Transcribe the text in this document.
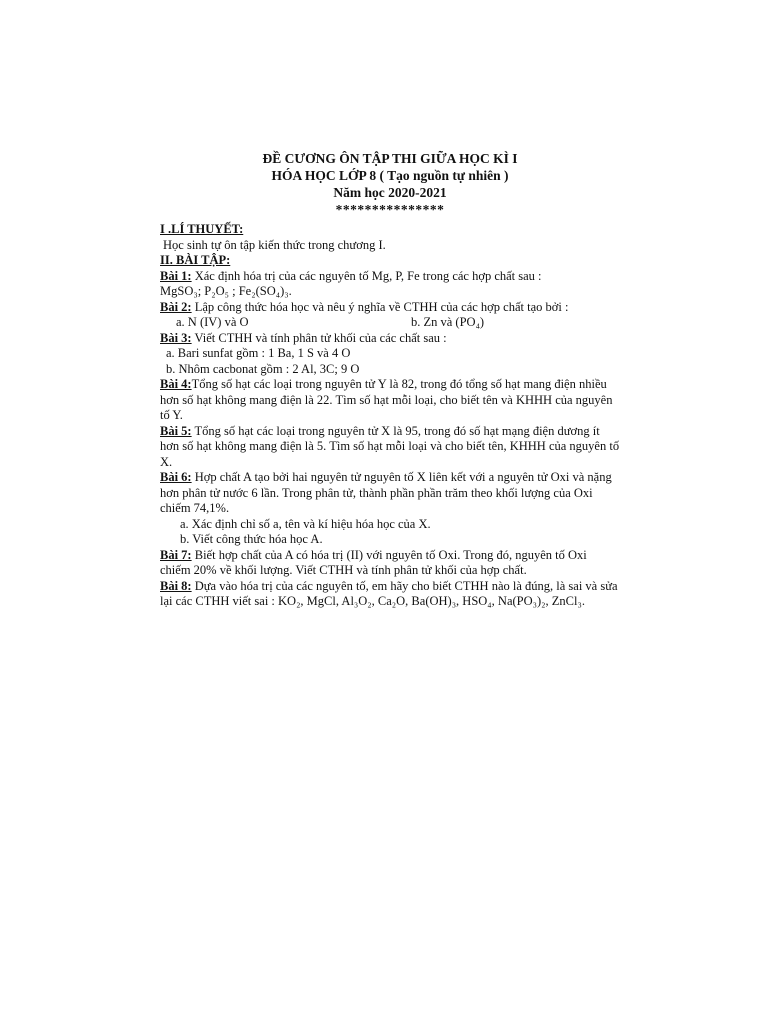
ĐỀ CƯƠNG ÔN TẬP THI GIỮA HỌC KÌ I
HÓA HỌC LỚP 8 ( Tạo nguồn tự nhiên )
Năm học 2020-2021
***************
I .LÍ THUYẾT:
Học sinh tự ôn tập kiến thức trong chương I.
II. BÀI TẬP:
Bài 1: Xác định hóa trị của các nguyên tố Mg, P, Fe trong các hợp chất sau :
MgSO₃; P₂O₅ ; Fe₂(SO₄)₃.
Bài 2: Lập công thức hóa học và nêu ý nghĩa về CTHH của các hợp chất tạo bởi :
a. N (IV) và O	b. Zn và (PO₄)
Bài 3: Viết CTHH và tính phân tử khối của các chất sau :
a. Bari sunfat gồm : 1 Ba, 1 S và 4 O
b. Nhôm cacbonat gồm : 2 Al, 3C; 9 O
Bài 4:Tổng số hạt các loại trong nguyên tử Y là 82, trong đó tổng số hạt mang điện nhiều hơn số hạt không mang điện là 22. Tìm số hạt mỗi loại, cho biết tên và KHHH của nguyên tố Y.
Bài 5: Tổng số hạt các loại trong nguyên tử X là 95, trong đó số hạt mạng điện dương ít hơn số hạt không mang điện là 5. Tìm số hạt mỗi loại và cho biết tên, KHHH của nguyên tố X.
Bài 6: Hợp chất A tạo bởi hai nguyên tử nguyên tố X liên kết với a nguyên tử Oxi và nặng hơn phân tử nước 6 lần. Trong phân tử, thành phần phần trăm theo khối lượng của Oxi chiếm 74,1%.
a. Xác định chỉ số a, tên và kí hiệu hóa học của X.
b. Viết công thức hóa học A.
Bài 7: Biết hợp chất của A có hóa trị (II) với nguyên tố Oxi. Trong đó, nguyên tố Oxi chiếm 20% về khối lượng. Viết CTHH và tính phân tử khối của hợp chất.
Bài 8: Dựa vào hóa trị của các nguyên tố, em hãy cho biết CTHH nào là đúng, là sai và sửa lại các CTHH viết sai : KO₂, MgCl, Al₃O₂, Ca₂O, Ba(OH)₃, HSO₄, Na(PO₃)₂, ZnCl₃.
